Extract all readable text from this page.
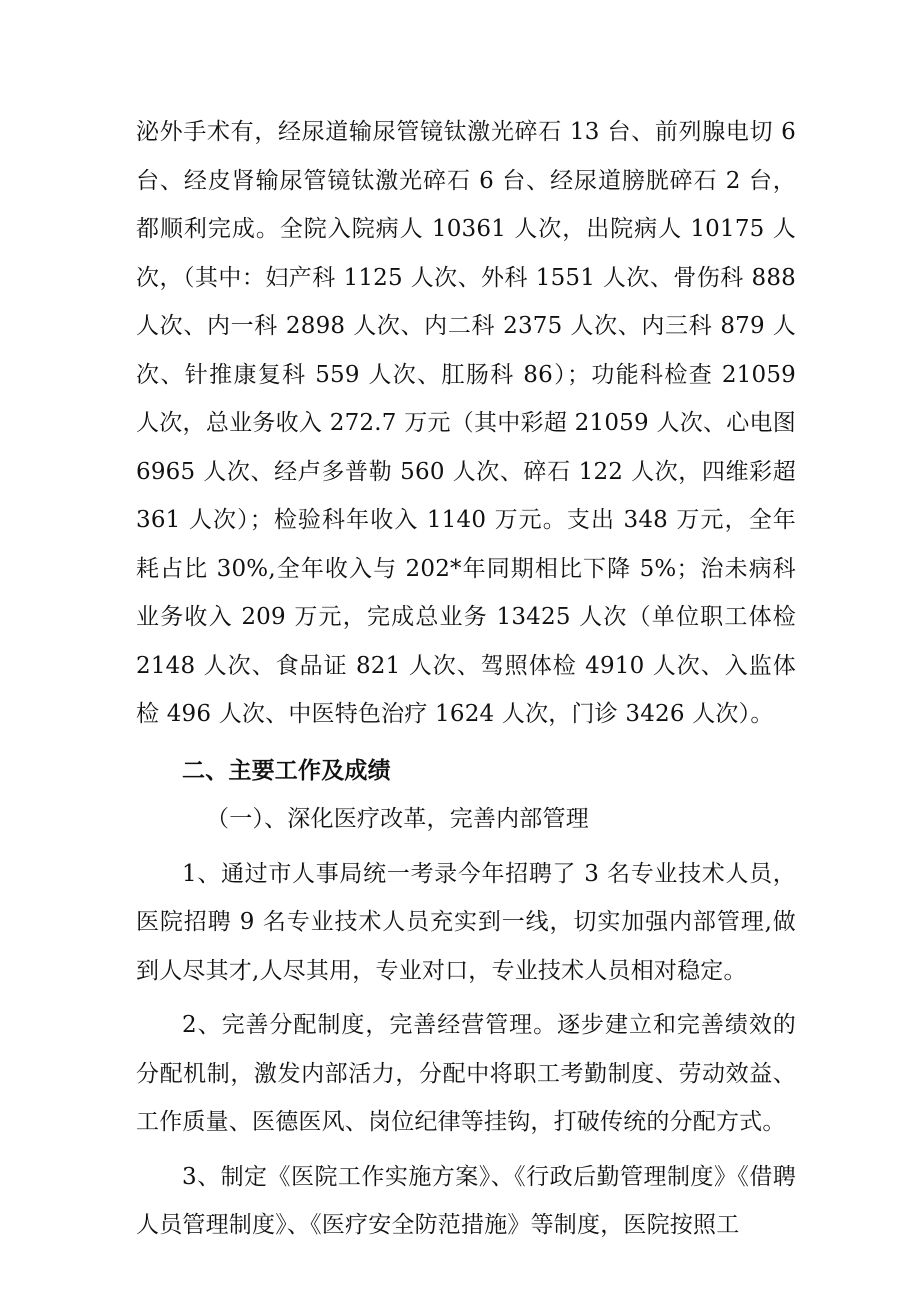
泌外手术有，经尿道输尿管镜钛激光碎石 13 台、前列腺电切 6 台、经皮肾输尿管镜钛激光碎石 6 台、经尿道膀胱碎石 2 台，都顺利完成。全院入院病人 10361 人次，出院病人 10175 人次，（其中：妇产科 1125 人次、外科 1551 人次、骨伤科 888 人次、内一科 2898 人次、内二科 2375 人次、内三科 879 人次、针推康复科 559 人次、肛肠科 86）；功能科检查 21059 人次，总业务收入 272.7 万元（其中彩超 21059 人次、心电图 6965 人次、经卢多普勒 560 人次、碎石 122 人次，四维彩超 361 人次）；检验科年收入 1140 万元。支出 348 万元，全年耗占比 30%,全年收入与 202*年同期相比下降 5%；治未病科业务收入 209 万元，完成总业务 13425 人次（单位职工体检 2148 人次、食品证 821 人次、驾照体检 4910 人次、入监体检 496 人次、中医特色治疗 1624 人次，门诊 3426 人次）。

二、主要工作及成绩

（一）、深化医疗改革，完善内部管理

1、通过市人事局统一考录今年招聘了 3 名专业技术人员，医院招聘 9 名专业技术人员充实到一线，切实加强内部管理,做到人尽其才,人尽其用，专业对口，专业技术人员相对稳定。

2、完善分配制度，完善经营管理。逐步建立和完善绩效的分配机制，激发内部活力，分配中将职工考勤制度、劳动效益、工作质量、医德医风、岗位纪律等挂钩，打破传统的分配方式。

3、制定《医院工作实施方案》、《行政后勤管理制度》《借聘人员管理制度》、《医疗安全防范措施》等制度，医院按照工
